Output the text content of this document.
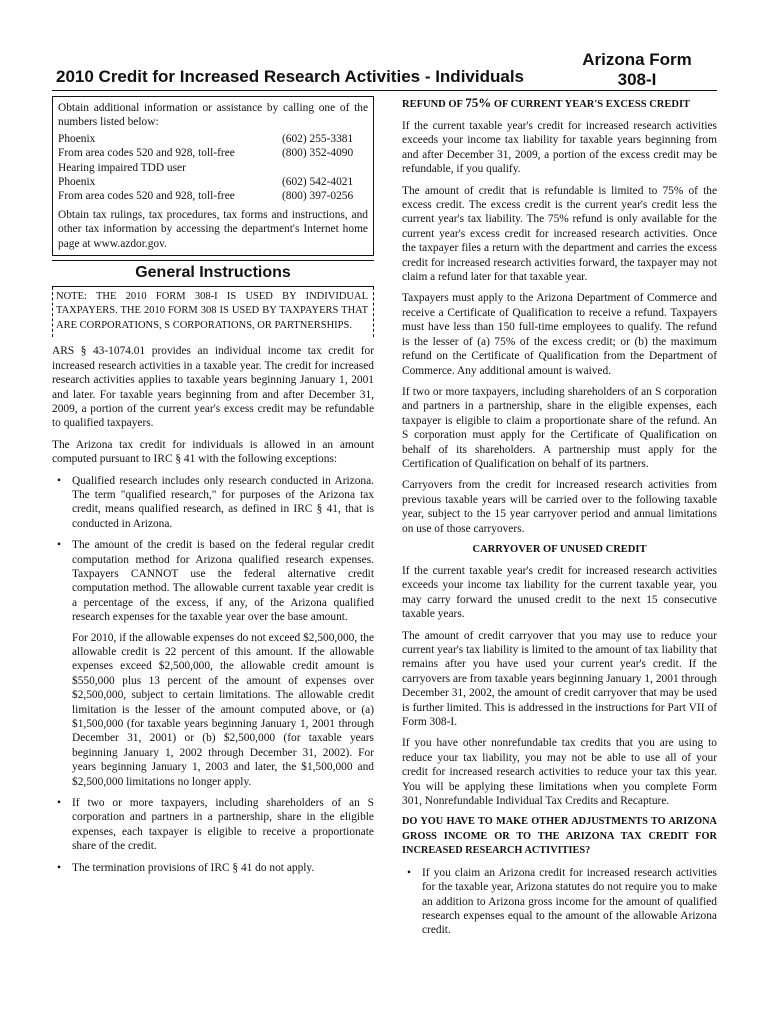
Arizona Form
308-I
2010 Credit for Increased Research Activities - Individuals

Obtain additional information or assistance by calling one of the numbers listed below:

Phoenix	(602) 255-3381
From area codes 520 and 928, toll-free	(800) 352-4090
Hearing impaired TDD user	
Phoenix	(602) 542-4021
From area codes 520 and 928, toll-free	(800) 397-0256

Obtain tax rulings, tax procedures, tax forms and instructions, and other tax information by accessing the department's Internet home page at www.azdor.gov.

General Instructions
NOTE: THE 2010 FORM 308-I IS USED BY INDIVIDUAL TAXPAYERS. THE 2010 FORM 308 IS USED BY TAXPAYERS THAT ARE CORPORATIONS, S CORPORATIONS, OR PARTNERSHIPS.

ARS § 43-1074.01 provides an individual income tax credit for increased research activities in a taxable year. The credit for increased research activities applies to taxable years beginning January 1, 2001 and later. For taxable years beginning from and after December 31, 2009, a portion of the current year's excess credit may be refundable to qualified taxpayers.

The Arizona tax credit for individuals is allowed in an amount computed pursuant to IRC § 41 with the following exceptions:

• Qualified research includes only research conducted in Arizona. The term "qualified research," for purposes of the Arizona tax credit, means qualified research, as defined in IRC § 41, that is conducted in Arizona.
• The amount of the credit is based on the federal regular credit computation method for Arizona qualified research expenses. Taxpayers CANNOT use the federal alternative credit computation method. The allowable current taxable year credit is a percentage of the excess, if any, of the Arizona qualified research expenses for the taxable year over the base amount.

For 2010, if the allowable expenses do not exceed $2,500,000, the allowable credit is 22 percent of this amount. If the allowable expenses exceed $2,500,000, the allowable credit amount is $550,000 plus 13 percent of the amount of expenses over $2,500,000, subject to certain limitations. The allowable credit limitation is the lesser of the amount computed above, or (a) $1,500,000 (for taxable years beginning January 1, 2001 through December 31, 2001) or (b) $2,500,000 (for taxable years beginning January 1, 2002 through December 31, 2002). For years beginning January 1, 2003 and later, the $1,500,000 and $2,500,000 limitations no longer apply.

• If two or more taxpayers, including shareholders of an S corporation and partners in a partnership, share in the eligible expenses, each taxpayer is eligible to receive a proportionate share of the credit.
• The termination provisions of IRC § 41 do not apply.

REFUND OF 75% OF CURRENT YEAR'S EXCESS CREDIT

If the current taxable year's credit for increased research activities exceeds your income tax liability for taxable years beginning from and after December 31, 2009, a portion of the excess credit may be refundable, if you qualify.

The amount of credit that is refundable is limited to 75% of the excess credit. The excess credit is the current year's credit less the current year's tax liability. The 75% refund is only available for the current year's excess credit for increased research activities. Once the taxpayer files a return with the department and carries the excess credit for increased research activities forward, the taxpayer may not claim a refund later for that taxable year.

Taxpayers must apply to the Arizona Department of Commerce and receive a Certificate of Qualification to receive a refund. Taxpayers must have less than 150 full-time employees to qualify. The refund is the lesser of (a) 75% of the excess credit; or (b) the maximum refund on the Certificate of Qualification from the Department of Commerce. Any additional amount is waived.

If two or more taxpayers, including shareholders of an S corporation and partners in a partnership, share in the eligible expenses, each taxpayer is eligible to claim a proportionate share of the refund. An S corporation must apply for the Certificate of Qualification on behalf of its shareholders. A partnership must apply for the Certification of Qualification on behalf of its partners.

Carryovers from the credit for increased research activities from previous taxable years will be carried over to the following taxable year, subject to the 15 year carryover period and annual limitations on use of those carryovers.

CARRYOVER OF UNUSED CREDIT

If the current taxable year's credit for increased research activities exceeds your income tax liability for the current taxable year, you may carry forward the unused credit to the next 15 consecutive taxable years.

The amount of credit carryover that you may use to reduce your current year's tax liability is limited to the amount of tax liability that remains after you have used your current year's credit. If the carryovers are from taxable years beginning January 1, 2001 through December 31, 2002, the amount of credit carryover that may be used is further limited. This is addressed in the instructions for Part VII of Form 308-I.

If you have other nonrefundable tax credits that you are using to reduce your tax liability, you may not be able to use all of your credit for increased research activities to reduce your tax this year. You will be applying these limitations when you complete Form 301, Nonrefundable Individual Tax Credits and Recapture.

DO YOU HAVE TO MAKE OTHER ADJUSTMENTS TO ARIZONA GROSS INCOME OR TO THE ARIZONA TAX CREDIT FOR INCREASED RESEARCH ACTIVITIES?

• If you claim an Arizona credit for increased research activities for the taxable year, Arizona statutes do not require you to make an addition to Arizona gross income for the amount of qualified research expenses equal to the amount of the allowable Arizona credit.
